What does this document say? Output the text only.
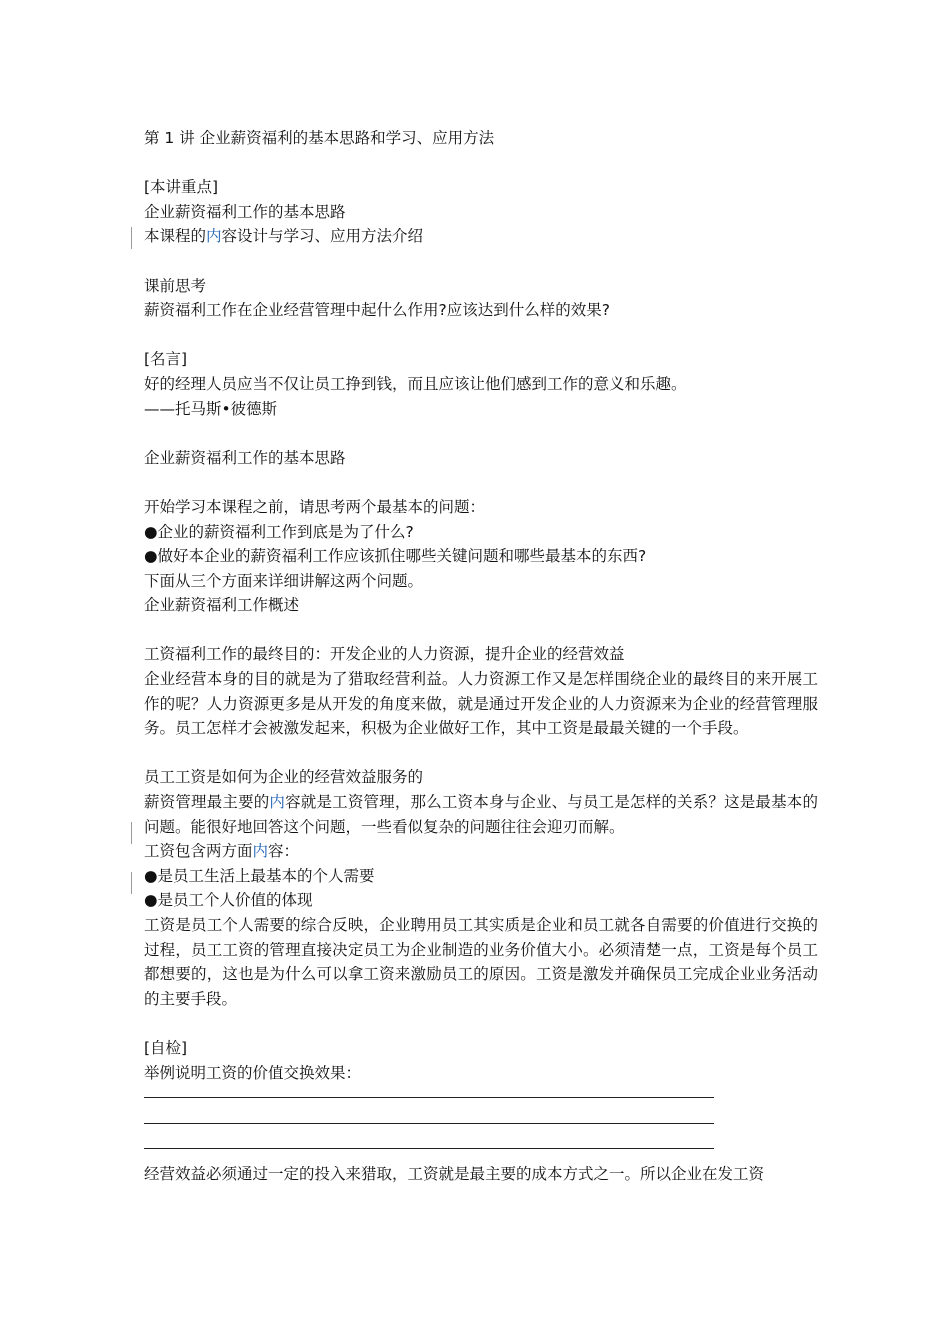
第 1 讲 企业薪资福利的基本思路和学习、应用方法
[本讲重点]
企业薪资福利工作的基本思路
本课程的内容设计与学习、应用方法介绍
课前思考
薪资福利工作在企业经营管理中起什么作用?应该达到什么样的效果?
[名言]
好的经理人员应当不仅让员工挣到钱，而且应该让他们感到工作的意义和乐趣。
——托马斯•彼德斯
企业薪资福利工作的基本思路
开始学习本课程之前，请思考两个最基本的问题：
●企业的薪资福利工作到底是为了什么?
●做好本企业的薪资福利工作应该抓住哪些关键问题和哪些最基本的东西?
下面从三个方面来详细讲解这两个问题。
企业薪资福利工作概述
工资福利工作的最终目的：开发企业的人力资源，提升企业的经营效益
企业经营本身的目的就是为了猎取经营利益。人力资源工作又是怎样围绕企业的最终目的来开展工作的呢？人力资源更多是从开发的角度来做，就是通过开发企业的人力资源来为企业的经营管理服务。员工怎样才会被激发起来，积极为企业做好工作，其中工资是最最关键的一个手段。
员工工资是如何为企业的经营效益服务的
薪资管理最主要的内容就是工资管理，那么工资本身与企业、与员工是怎样的关系？这是最基本的问题。能很好地回答这个问题，一些看似复杂的问题往往会迎刃而解。
工资包含两方面内容：
●是员工生活上最基本的个人需要
●是员工个人价值的体现
工资是员工个人需要的综合反映，企业聘用员工其实质是企业和员工就各自需要的价值进行交换的过程，员工工资的管理直接决定员工为企业制造的业务价值大小。必须清楚一点，工资是每个员工都想要的，这也是为什么可以拿工资来激励员工的原因。工资是激发并确保员工完成企业业务活动的主要手段。
[自检]
举例说明工资的价值交换效果：
经营效益必须通过一定的投入来猎取，工资就是最主要的成本方式之一。所以企业在发工资
